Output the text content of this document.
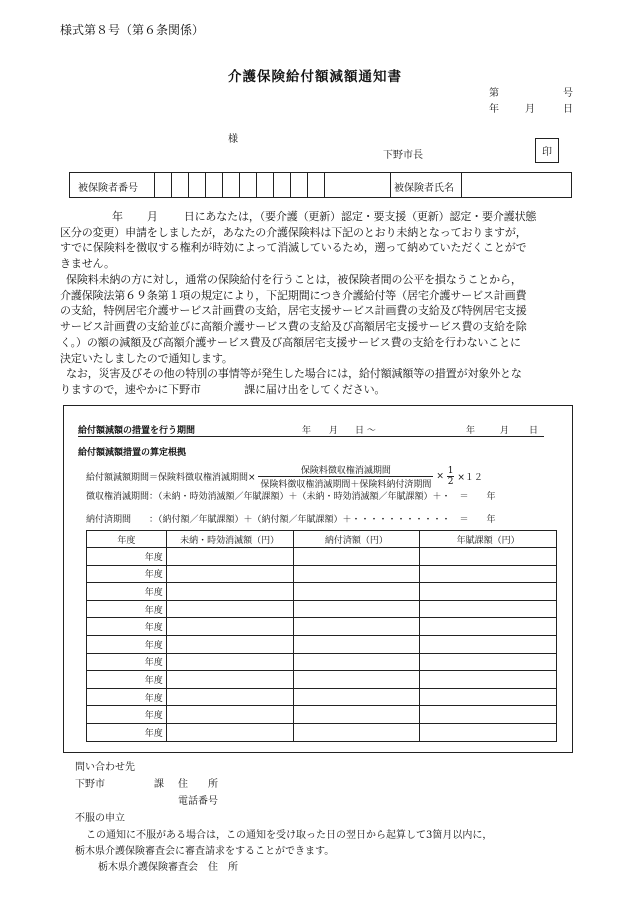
様式第８号（第６条関係）
介護保険給付額減額通知書
第	号
年	月	日
様
下野市長	印
被保険者番号	被保険者氏名
年 月 日にあなたは，（要介護（更新）認定・要支援（更新）認定・要介護状態
区分の変更）申請をしましたが，あなたの介護保険料は下記のとおり未納となっておりますが，
すでに保険料を徴収する権利が時効によって消滅しているため，遡って納めていただくことがで
きません。
保険料未納の方に対し，通常の保険給付を行うことは，被保険者間の公平を損なうことから，
介護保険法第６９条第１項の規定により，下記期間につき介護給付等（居宅介護サービス計画費
の支給，特例居宅介護サービス計画費の支給，居宅支援サービス計画費の支給及び特例居宅支援
サービス計画費の支給並びに高額介護サービス費の支給及び高額居宅支援サービス費の支給を除
く。）の額の減額及び高額介護サービス費及び高額居宅支援サービス費の支給を行わないことに
決定いたしましたので通知します。
なお，災害及びその他の特別の事情等が発生した場合には，給付額減額等の措置が対象外とな
りますので，速やかに下野市　　　　課に届け出をしてください。
給付額減額の措置を行う期間	年 月 日 ～	年	月 日
給付額減額措置の算定根拠
給付額減額期間＝保険料徴収権消滅期間× $\frac{\text{保険料徴収権消滅期間}}{\text{保険料徴収権消滅期間＋保険料納付済期間}} \times \frac{1}{2} \times 12$
徴収権消滅期間：（未納・時効消滅額／年賦課額）＋（未納・時効消滅額／年賦課額）＋・　＝　　年
納付済期間　　：（納付額／年賦課額）＋（納付額／年賦課額）＋・・・・・・・・・・・　＝　　年
年度	未納・時効消滅額（円）	納付済額（円）	年賦課額（円）
年度			
年度			
年度			
年度			
年度			
年度			
年度			
年度			
年度			
年度			
年度			
問い合わせ先
下野市	課 住　　所
電話番号
不服の申立
この通知に不服がある場合は，この通知を受け取った日の翌日から起算して3箇月以内に，
栃木県介護保険審査会に審査請求をすることができます。
栃木県介護保険審査会　住　所
